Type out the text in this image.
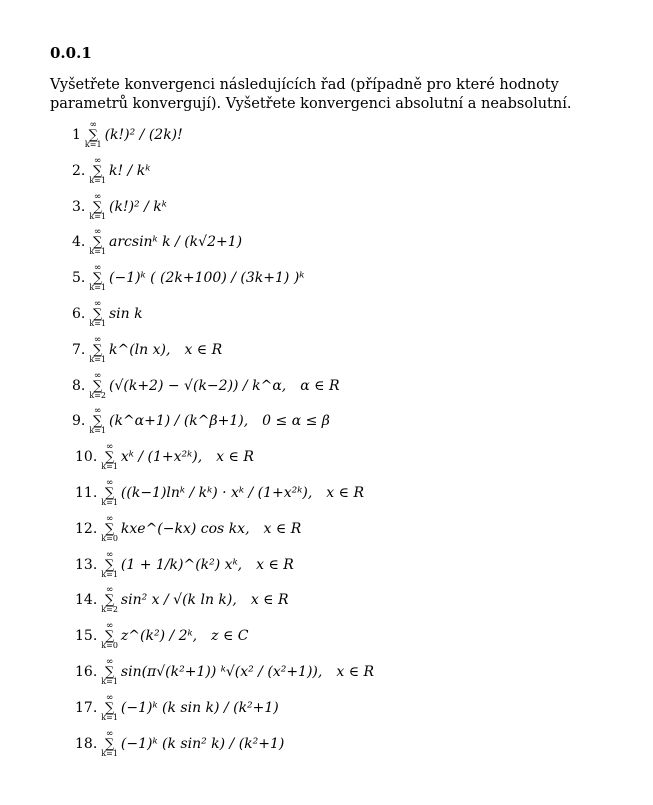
0.0.1
Vyšetřete konvergenci následujících řad (případně pro které hodnoty parametrů konvergují). Vyšetřete konvergenci absolutní a neabsolutní.
1
∞
∑
k=1
(k!)² / (2k)!
2.
∞
∑
k=1
k! / kᵏ
3.
∞
∑
k=1
(k!)² / kᵏ
4.
∞
∑
k=1
arcsinᵏ k / (k√2+1)
5.
∞
∑
k=1
(−1)ᵏ ( (2k+100) / (3k+1) )ᵏ
6.
∞
∑
k=1
sin k
7.
∞
∑
k=1
k^(ln x), x ∈ R
8.
∞
∑
k=2
(√(k+2) − √(k−2)) / k^α, α ∈ R
9.
∞
∑
k=1
(k^α+1) / (k^β+1), 0 ≤ α ≤ β
10.
∞
∑
k=1
xᵏ / (1+x²ᵏ), x ∈ R
11.
∞
∑
k=1
((k−1)lnᵏ / kᵏ) · xᵏ / (1+x²ᵏ), x ∈ R
12.
∞
∑
k=0
kxe^(−kx) cos kx, x ∈ R
13.
∞
∑
k=1
(1 + 1/k)^(k²) xᵏ, x ∈ R
14.
∞
∑
k=2
sin² x / √(k ln k), x ∈ R
15.
∞
∑
k=0
z^(k²) / 2ᵏ, z ∈ C
16.
∞
∑
k=1
sin(π√(k²+1)) ᵏ√(x² / (x²+1)), x ∈ R
17.
∞
∑
k=1
(−1)ᵏ (k sin k) / (k²+1)
18.
∞
∑
k=1
(−1)ᵏ (k sin² k) / (k²+1)
